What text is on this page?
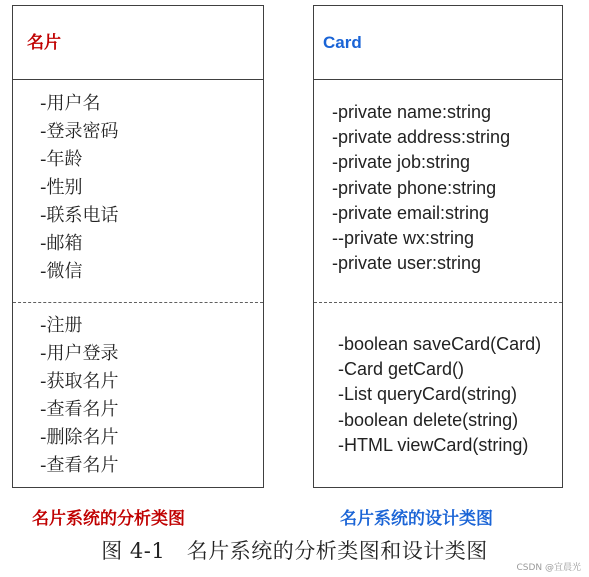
名片
-用户名
-登录密码
-年龄
-性别
-联系电话
-邮箱
-微信
-注册
-用户登录
-获取名片
-查看名片
-删除名片
-查看名片
Card
-private name:string
-private address:string
-private job:string
-private phone:string
-private email:string
--private wx:string
-private user:string
-boolean saveCard(Card)
-Card getCard()
-List queryCard(string)
-boolean delete(string)
-HTML viewCard(string)
名片系统的分析类图	名片系统的设计类图
图 4-1　名片系统的分析类图和设计类图
CSDN @宜晨光
